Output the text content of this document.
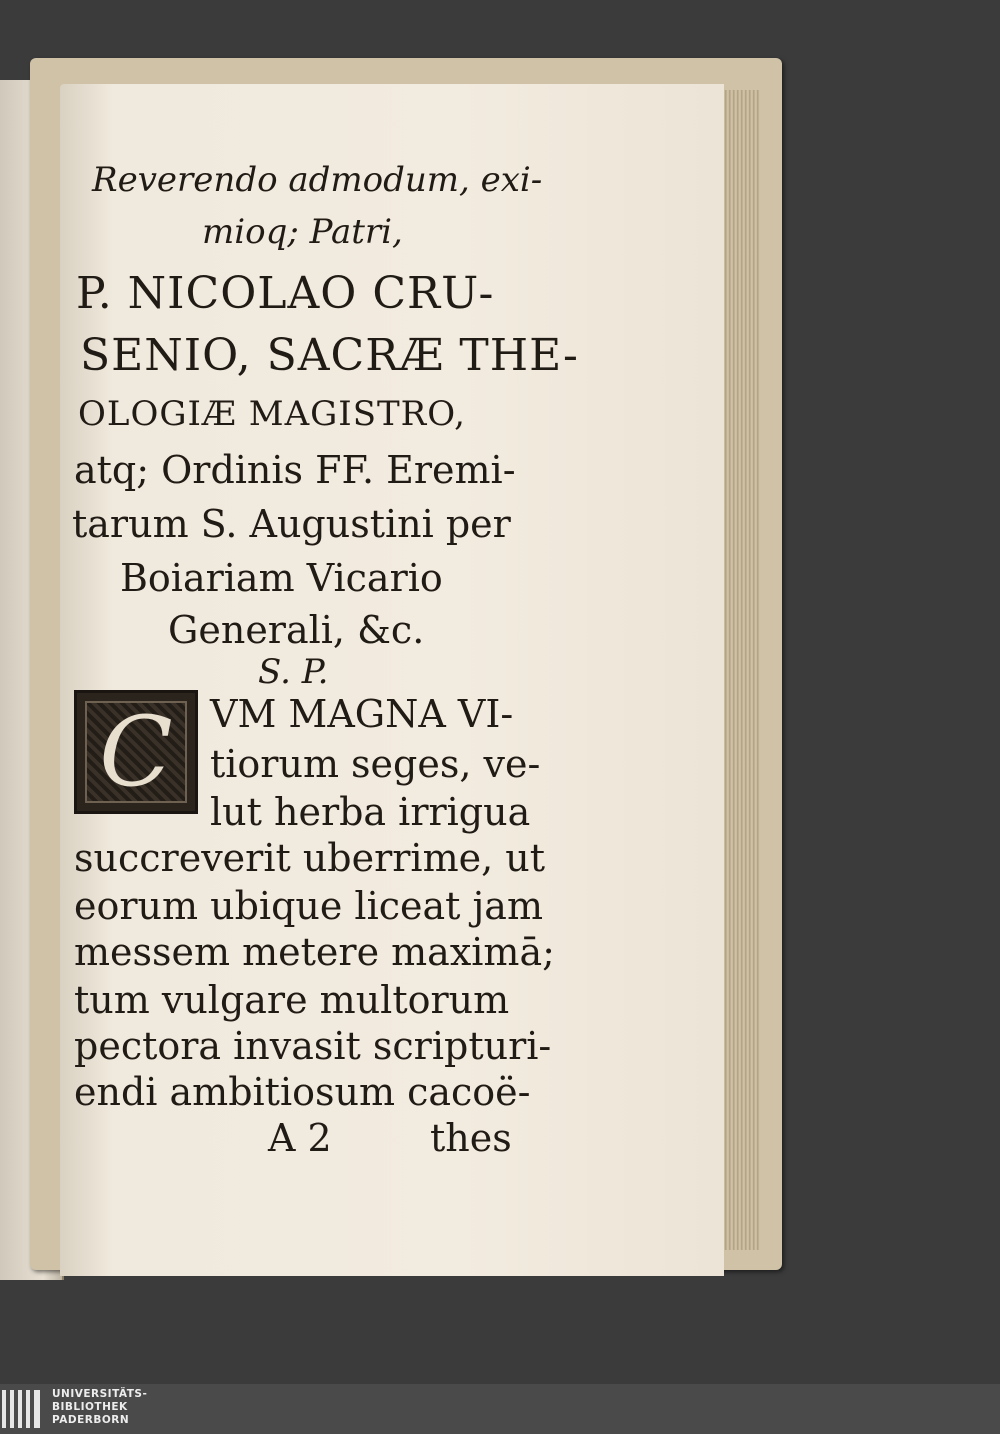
Reverendo admodum, exi-
mioq; Patri,
P. NICOLAO CRU-
SENIO, SACRÆ THE-
OLOGIÆ MAGISTRO,
atq; Ordinis FF. Eremi-
tarum S. Augustini per
Boiariam Vicario
Generali, &c.
S. P.
C VM MAGNA VI-
tiorum seges, ve-
lut herba irrigua
succreverit uberrime, ut
eorum ubique liceat jam
messem metere maximā;
tum vulgare multorum
pectora invasit scripturi-
endi ambitiosum cacoë-
A 2	thes
UNIVERSITÄTS-
BIBLIOTHEK
PADERBORN
